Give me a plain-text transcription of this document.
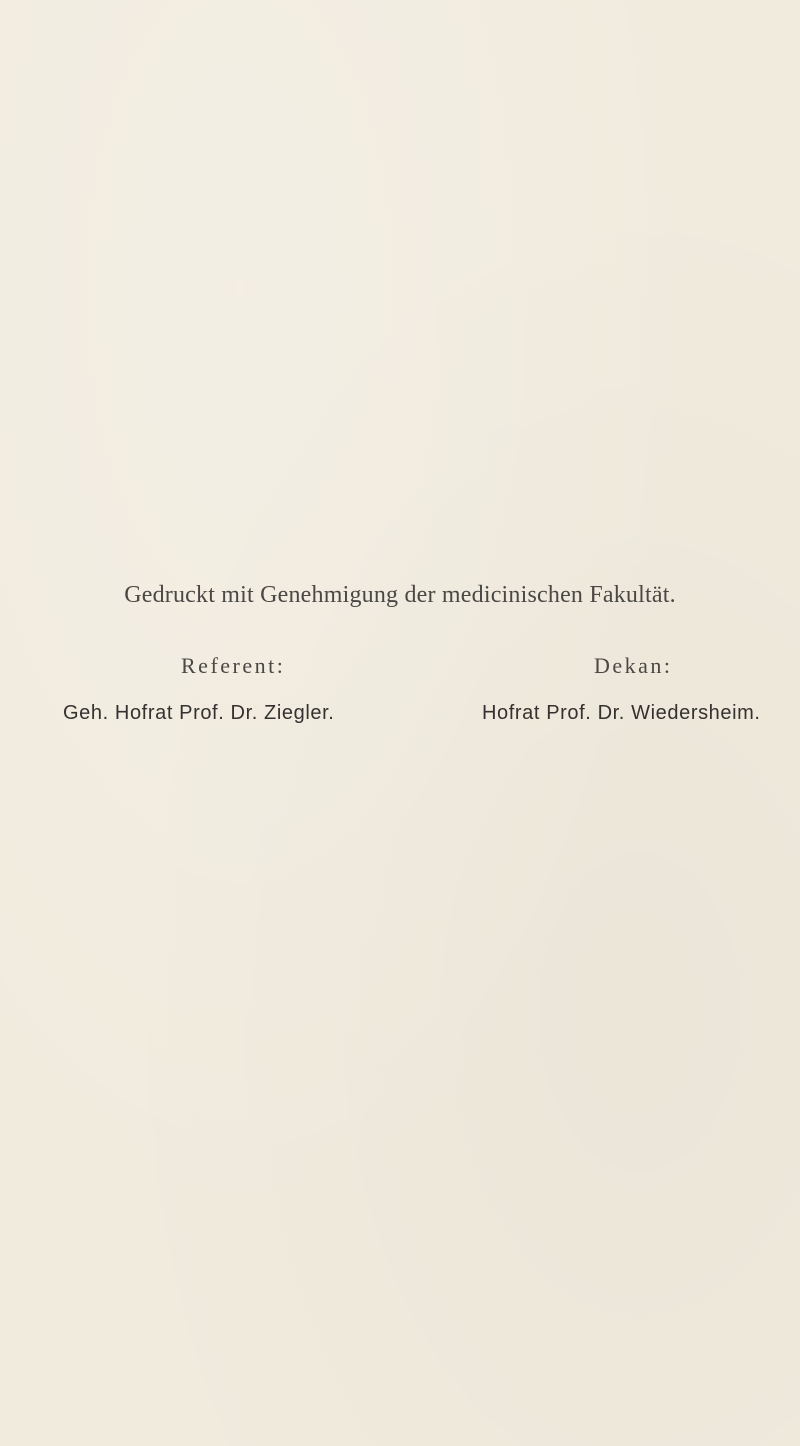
Gedruckt mit Genehmigung der medicinischen Fakultät.
Referent:	Dekan:
Geh. Hofrat Prof. Dr. Ziegler.	Hofrat Prof. Dr. Wiedersheim.
